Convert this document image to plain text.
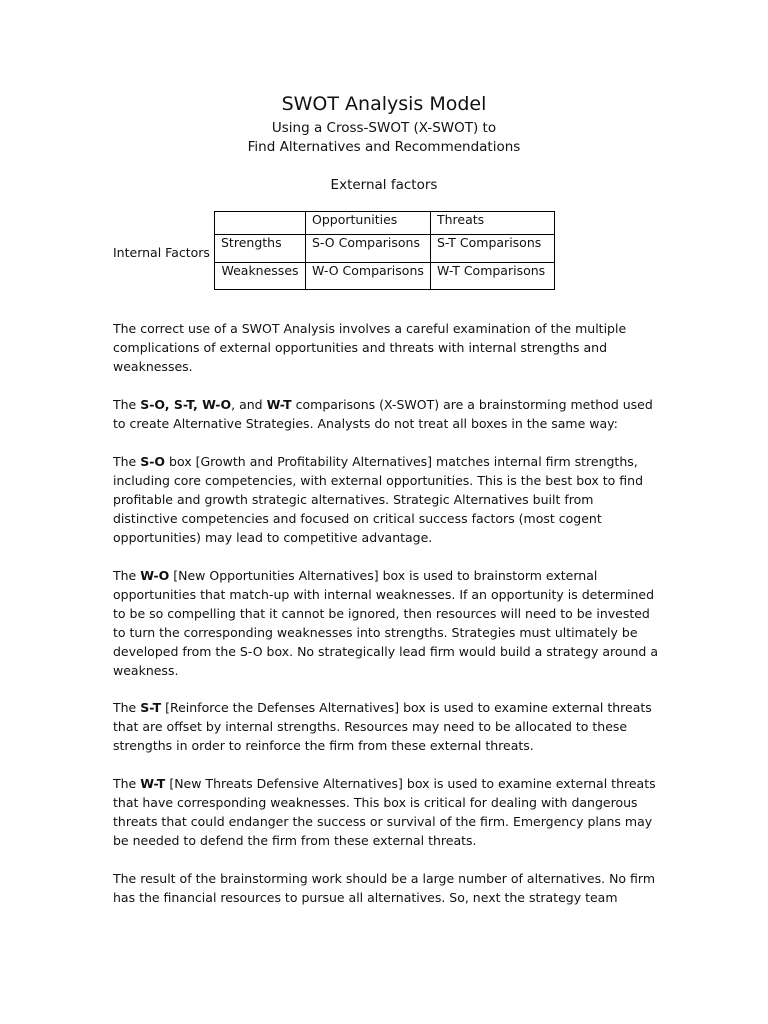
SWOT Analysis Model
Using a Cross-SWOT (X-SWOT) to
Find Alternatives and Recommendations
External factors
Internal Factors
	Opportunities	Threats
Strengths	S-O Comparisons	S-T Comparisons
Weaknesses	W-O Comparisons	W-T Comparisons

The correct use of a SWOT Analysis involves a careful examination of the multiple complications of external opportunities and threats with internal strengths and weaknesses.

The S-O, S-T, W-O, and W-T comparisons (X-SWOT) are a brainstorming method used to create Alternative Strategies. Analysts do not treat all boxes in the same way:

The S-O box [Growth and Profitability Alternatives] matches internal firm strengths, including core competencies, with external opportunities. This is the best box to find profitable and growth strategic alternatives. Strategic Alternatives built from distinctive competencies and focused on critical success factors (most cogent opportunities) may lead to competitive advantage.

The W-O [New Opportunities Alternatives] box is used to brainstorm external opportunities that match-up with internal weaknesses. If an opportunity is determined to be so compelling that it cannot be ignored, then resources will need to be invested to turn the corresponding weaknesses into strengths. Strategies must ultimately be developed from the S-O box. No strategically lead firm would build a strategy around a weakness.

The S-T [Reinforce the Defenses Alternatives] box is used to examine external threats that are offset by internal strengths. Resources may need to be allocated to these strengths in order to reinforce the firm from these external threats.

The W-T [New Threats Defensive Alternatives] box is used to examine external threats that have corresponding weaknesses. This box is critical for dealing with dangerous threats that could endanger the success or survival of the firm. Emergency plans may be needed to defend the firm from these external threats.

The result of the brainstorming work should be a large number of alternatives. No firm has the financial resources to pursue all alternatives. So, next the strategy team
